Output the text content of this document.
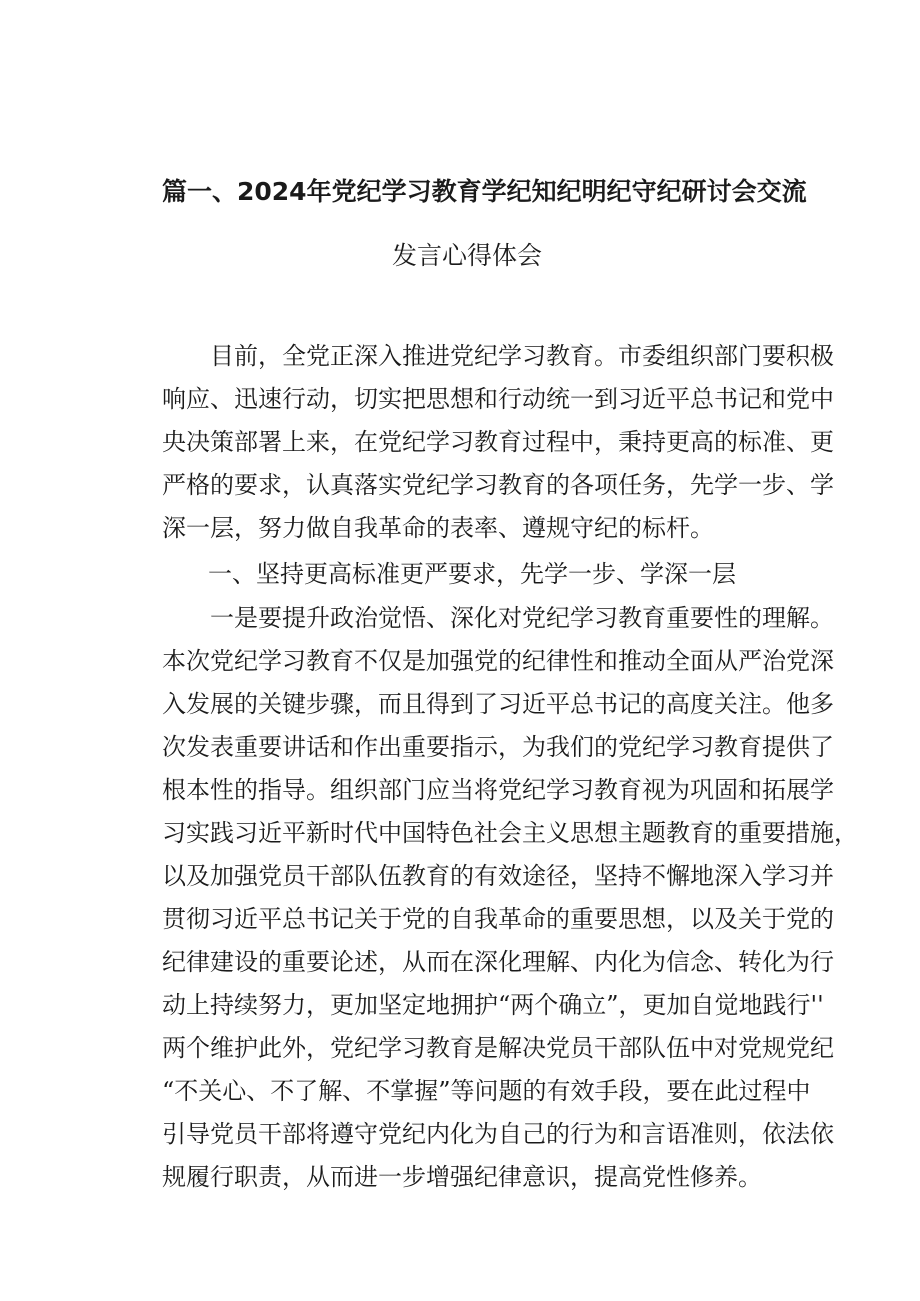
篇一、2024年党纪学习教育学纪知纪明纪守纪研讨会交流
发言心得体会
　　目前，全党正深入推进党纪学习教育。市委组织部门要积极
响应、迅速行动，切实把思想和行动统一到习近平总书记和党中
央决策部署上来，在党纪学习教育过程中，秉持更高的标准、更
严格的要求，认真落实党纪学习教育的各项任务，先学一步、学
深一层，努力做自我革命的表率、遵规守纪的标杆。
一、坚持更高标准更严要求，先学一步、学深一层
　　一是要提升政治觉悟、深化对党纪学习教育重要性的理解。
本次党纪学习教育不仅是加强党的纪律性和推动全面从严治党深
入发展的关键步骤，而且得到了习近平总书记的高度关注。他多
次发表重要讲话和作出重要指示，为我们的党纪学习教育提供了
根本性的指导。组织部门应当将党纪学习教育视为巩固和拓展学
习实践习近平新时代中国特色社会主义思想主题教育的重要措施，
以及加强党员干部队伍教育的有效途径，坚持不懈地深入学习并
贯彻习近平总书记关于党的自我革命的重要思想，以及关于党的
纪律建设的重要论述，从而在深化理解、内化为信念、转化为行
动上持续努力，更加坚定地拥护“两个确立”，更加自觉地践行''
两个维护此外，党纪学习教育是解决党员干部队伍中对党规党纪
“不关心、不了解、不掌握”等问题的有效手段，要在此过程中
引导党员干部将遵守党纪内化为自己的行为和言语准则，依法依
规履行职责，从而进一步增强纪律意识，提高党性修养。
